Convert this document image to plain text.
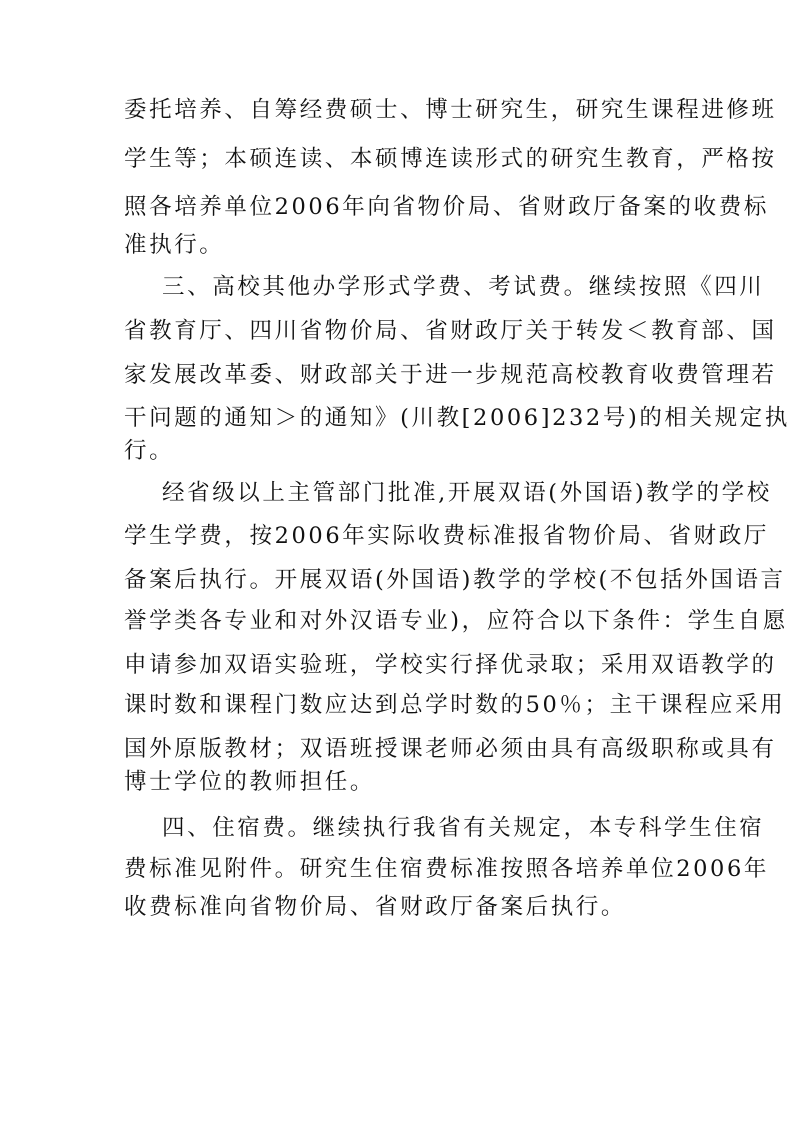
委托培养、自筹经费硕士、博士研究生，研究生课程进修班
学生等；本硕连读、本硕博连读形式的研究生教育，严格按
照各培养单位2006年向省物价局、省财政厅备案的收费标
准执行。
三、高校其他办学形式学费、考试费。继续按照《四川
省教育厅、四川省物价局、省财政厅关于转发＜教育部、国
家发展改革委、财政部关于进一步规范高校教育收费管理若
干问题的通知＞的通知》(川教[2006]232号)的相关规定执
行。
经省级以上主管部门批准,开展双语(外国语)教学的学校
学生学费，按2006年实际收费标准报省物价局、省财政厅
备案后执行。开展双语(外国语)教学的学校(不包括外国语言
誉学类各专业和对外汉语专业)，应符合以下条件：学生自愿
申请参加双语实验班，学校实行择优录取；采用双语教学的
课时数和课程门数应达到总学时数的50％；主干课程应采用
国外原版教材；双语班授课老师必须由具有高级职称或具有
博士学位的教师担任。
四、住宿费。继续执行我省有关规定，本专科学生住宿
费标准见附件。研究生住宿费标准按照各培养单位2006年
收费标准向省物价局、省财政厅备案后执行。
